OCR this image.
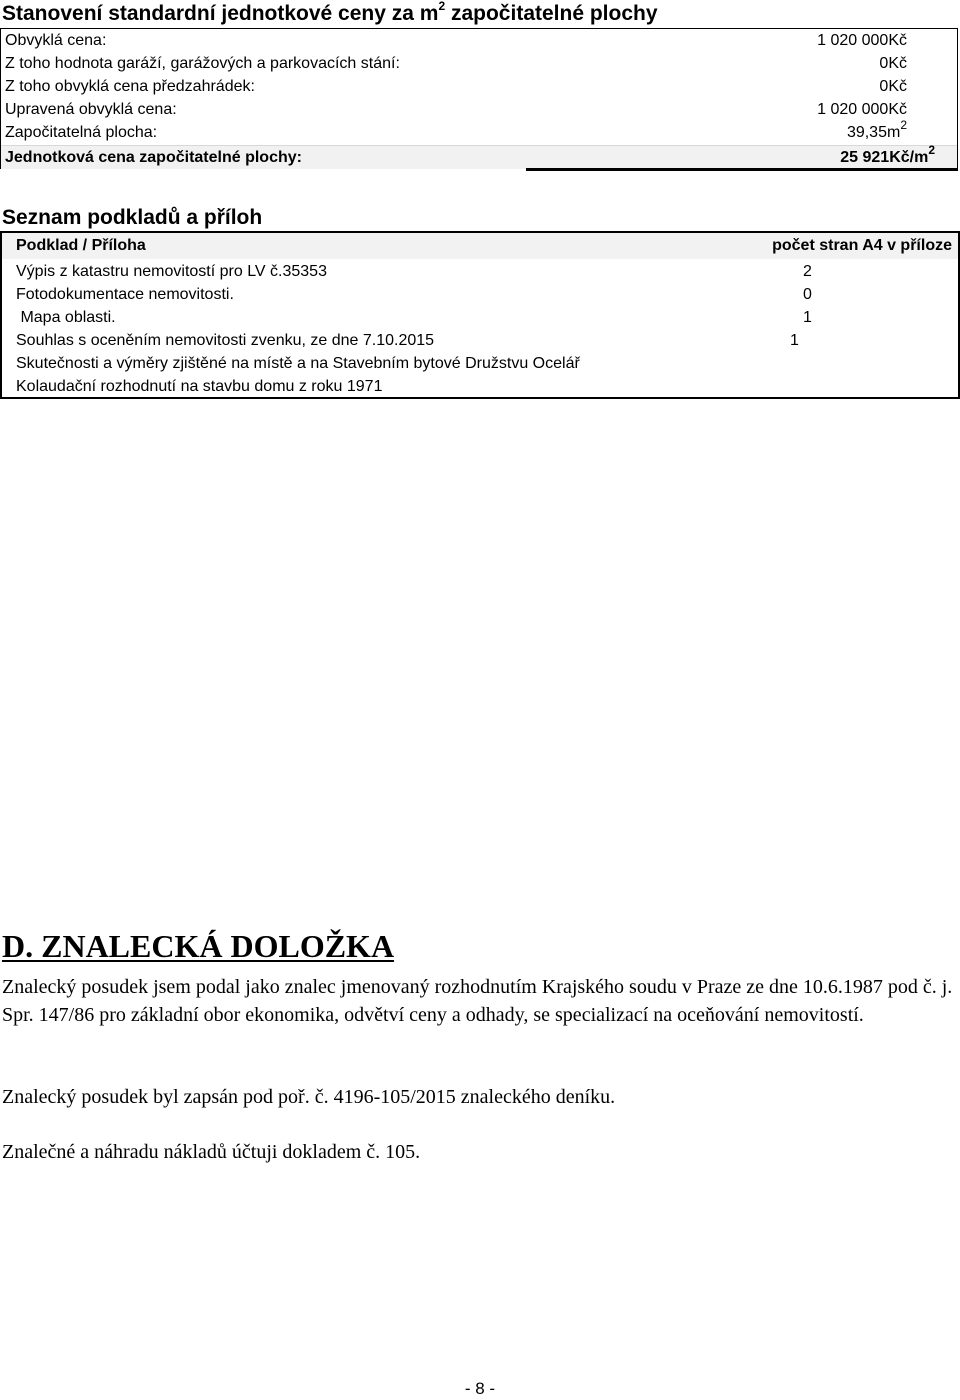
Stanovení standardní jednotkové ceny za $m^2$ započitatelné plochy
Obvyklá cena:	1 020 000Kč
Z toho hodnota garáží, garážových a parkovacích stání:	0Kč
Z toho obvyklá cena předzahrádek:	0Kč
Upravená obvyklá cena:	1 020 000Kč
Započitatelná plocha:	$39,35m^2$
Jednotková cena započitatelné plochy:	25 $921Kč/m^2$
Seznam podkladů a příloh
Podklad / Příloha	počet stran A4 v příloze
Výpis z katastru nemovitostí pro LV č.35353	2
Fotodokumentace nemovitosti.	0
Mapa oblasti.	1
Souhlas s oceněním nemovitosti zvenku, ze dne 7.10.2015	1
Skutečnosti a výměry zjištěné na místě a na Stavebním bytové Družstvu Ocelář
Kolaudační rozhodnutí na stavbu domu z roku 1971
D. ZNALECKÁ DOLOŽKA

Znalecký posudek jsem podal jako znalec jmenovaný rozhodnutím Krajského soudu v Praze ze dne 10.6.1987 pod č. j. Spr. 147/86 pro základní obor ekonomika, odvětví ceny a odhady, se specializací na oceňování nemovitostí.

Znalecký posudek byl zapsán pod poř. č. 4196-105/2015 znaleckého deníku.

Znalečné a náhradu nákladů účtuji dokladem č. 105.

- 8 -
